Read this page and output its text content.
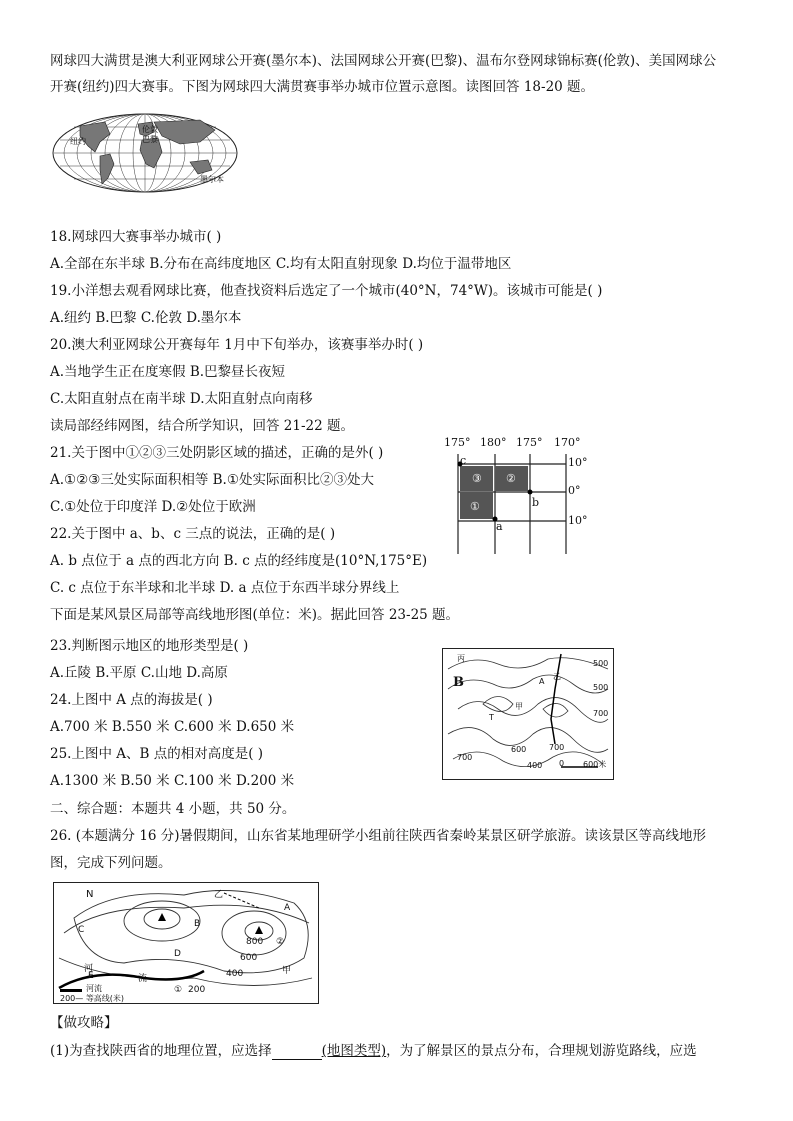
网球四大满贯是澳大利亚网球公开赛(墨尔本)、法国网球公开赛(巴黎)、温布尔登网球锦标赛(伦敦)、美国网球公
开赛(纽约)四大赛事。下图为网球四大满贯赛事举办城市位置示意图。读图回答 18-20 题。
纽约
伦敦
巴黎
墨尔本
18.网球四大赛事举办城市( )
A.全部在东半球 B.分布在高纬度地区 C.均有太阳直射现象 D.均位于温带地区
19.小洋想去观看网球比赛，他查找资料后选定了一个城市(40°N，74°W)。该城市可能是( )
A.纽约 B.巴黎 C.伦敦 D.墨尔本
20.澳大利亚网球公开赛每年 1月中下旬举办，该赛事举办时( )
A.当地学生正在度寒假 B.巴黎昼长夜短
C.太阳直射点在南半球 D.太阳直射点向南移
读局部经纬网图，结合所学知识，回答 21-22 题。
21.关于图中①②③三处阴影区域的描述，正确的是外( )
A.①②③三处实际面积相等 B.①处实际面积比②③处大
C.①处位于印度洋 D.②处位于欧洲
22.关于图中 a、b、c 三点的说法，正确的是( )
A. b 点位于 a 点的西北方向 B. c 点的经纬度是(10°N,175°E)
C. c 点位于东半球和北半球 D. a 点位于东西半球分界线上
175° 180° 175° 170°
10°
0°
10°
③ ②
①
a
b
c
下面是某风景区局部等高线地形图(单位：米)。据此回答 23-25 题。
23.判断图示地区的地形类型是( )
A.丘陵 B.平原 C.山地 D.高原
24.上图中 A 点的海拔是( )
A.700 米 B.550 米 C.600 米 D.650 米
25.上图中 A、B 点的相对高度是( )
A.1300 米 B.50 米 C.100 米 D.200 米
丙
B	A
乙
甲
T
700
600
500
500
700
400
700
600米
0
二、综合题：本题共 4 小题，共 50 分。
26. (本题满分 16 分)暑假期间，山东省某地理研学小组前往陕西省秦岭某景区研学旅游。读该景区等高线地形
图，完成下列问题。
N
A
B
C
D
E
乙
甲
800
600
400
200
①
②
河
流
河流
200— 等高线(米)
【做攻略】
(1)为查找陕西省的地理位置，应选择	(地图类型)，为了解景区的景点分布，合理规划游览路线，应选
